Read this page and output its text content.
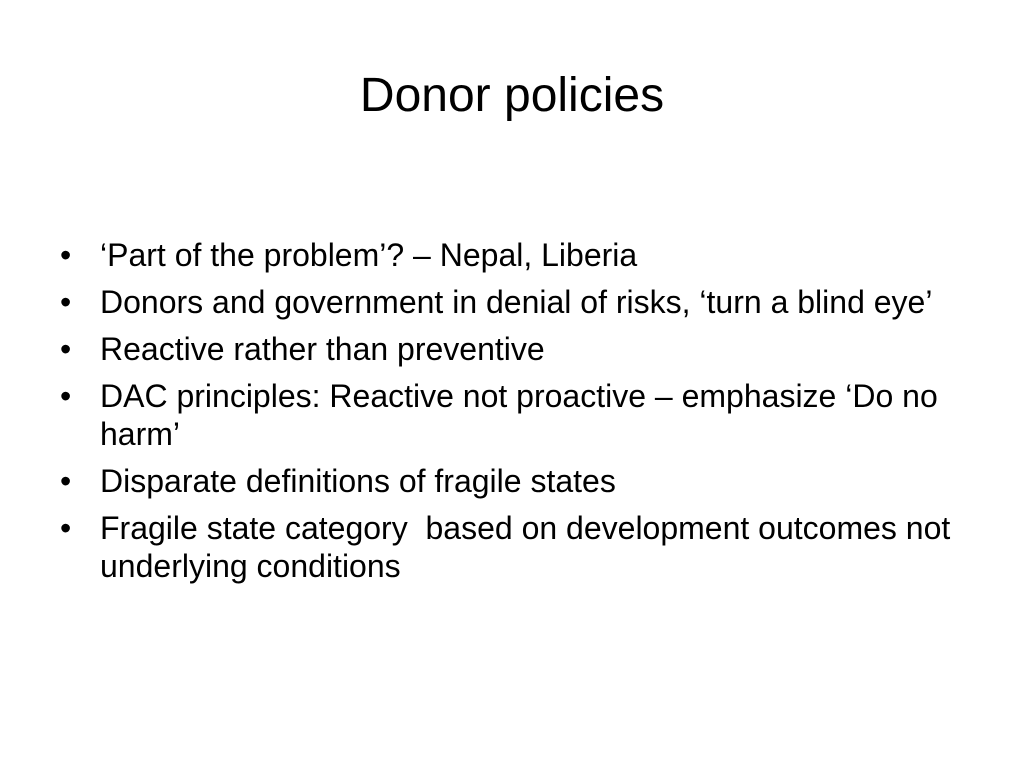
Donor policies
• ‘Part of the problem’? – Nepal, Liberia
• Donors and government in denial of risks, ‘turn a blind eye’
• Reactive rather than preventive
• DAC principles: Reactive not proactive – emphasize ‘Do no harm’
• Disparate definitions of fragile states
• Fragile state category  based on development outcomes not underlying conditions
